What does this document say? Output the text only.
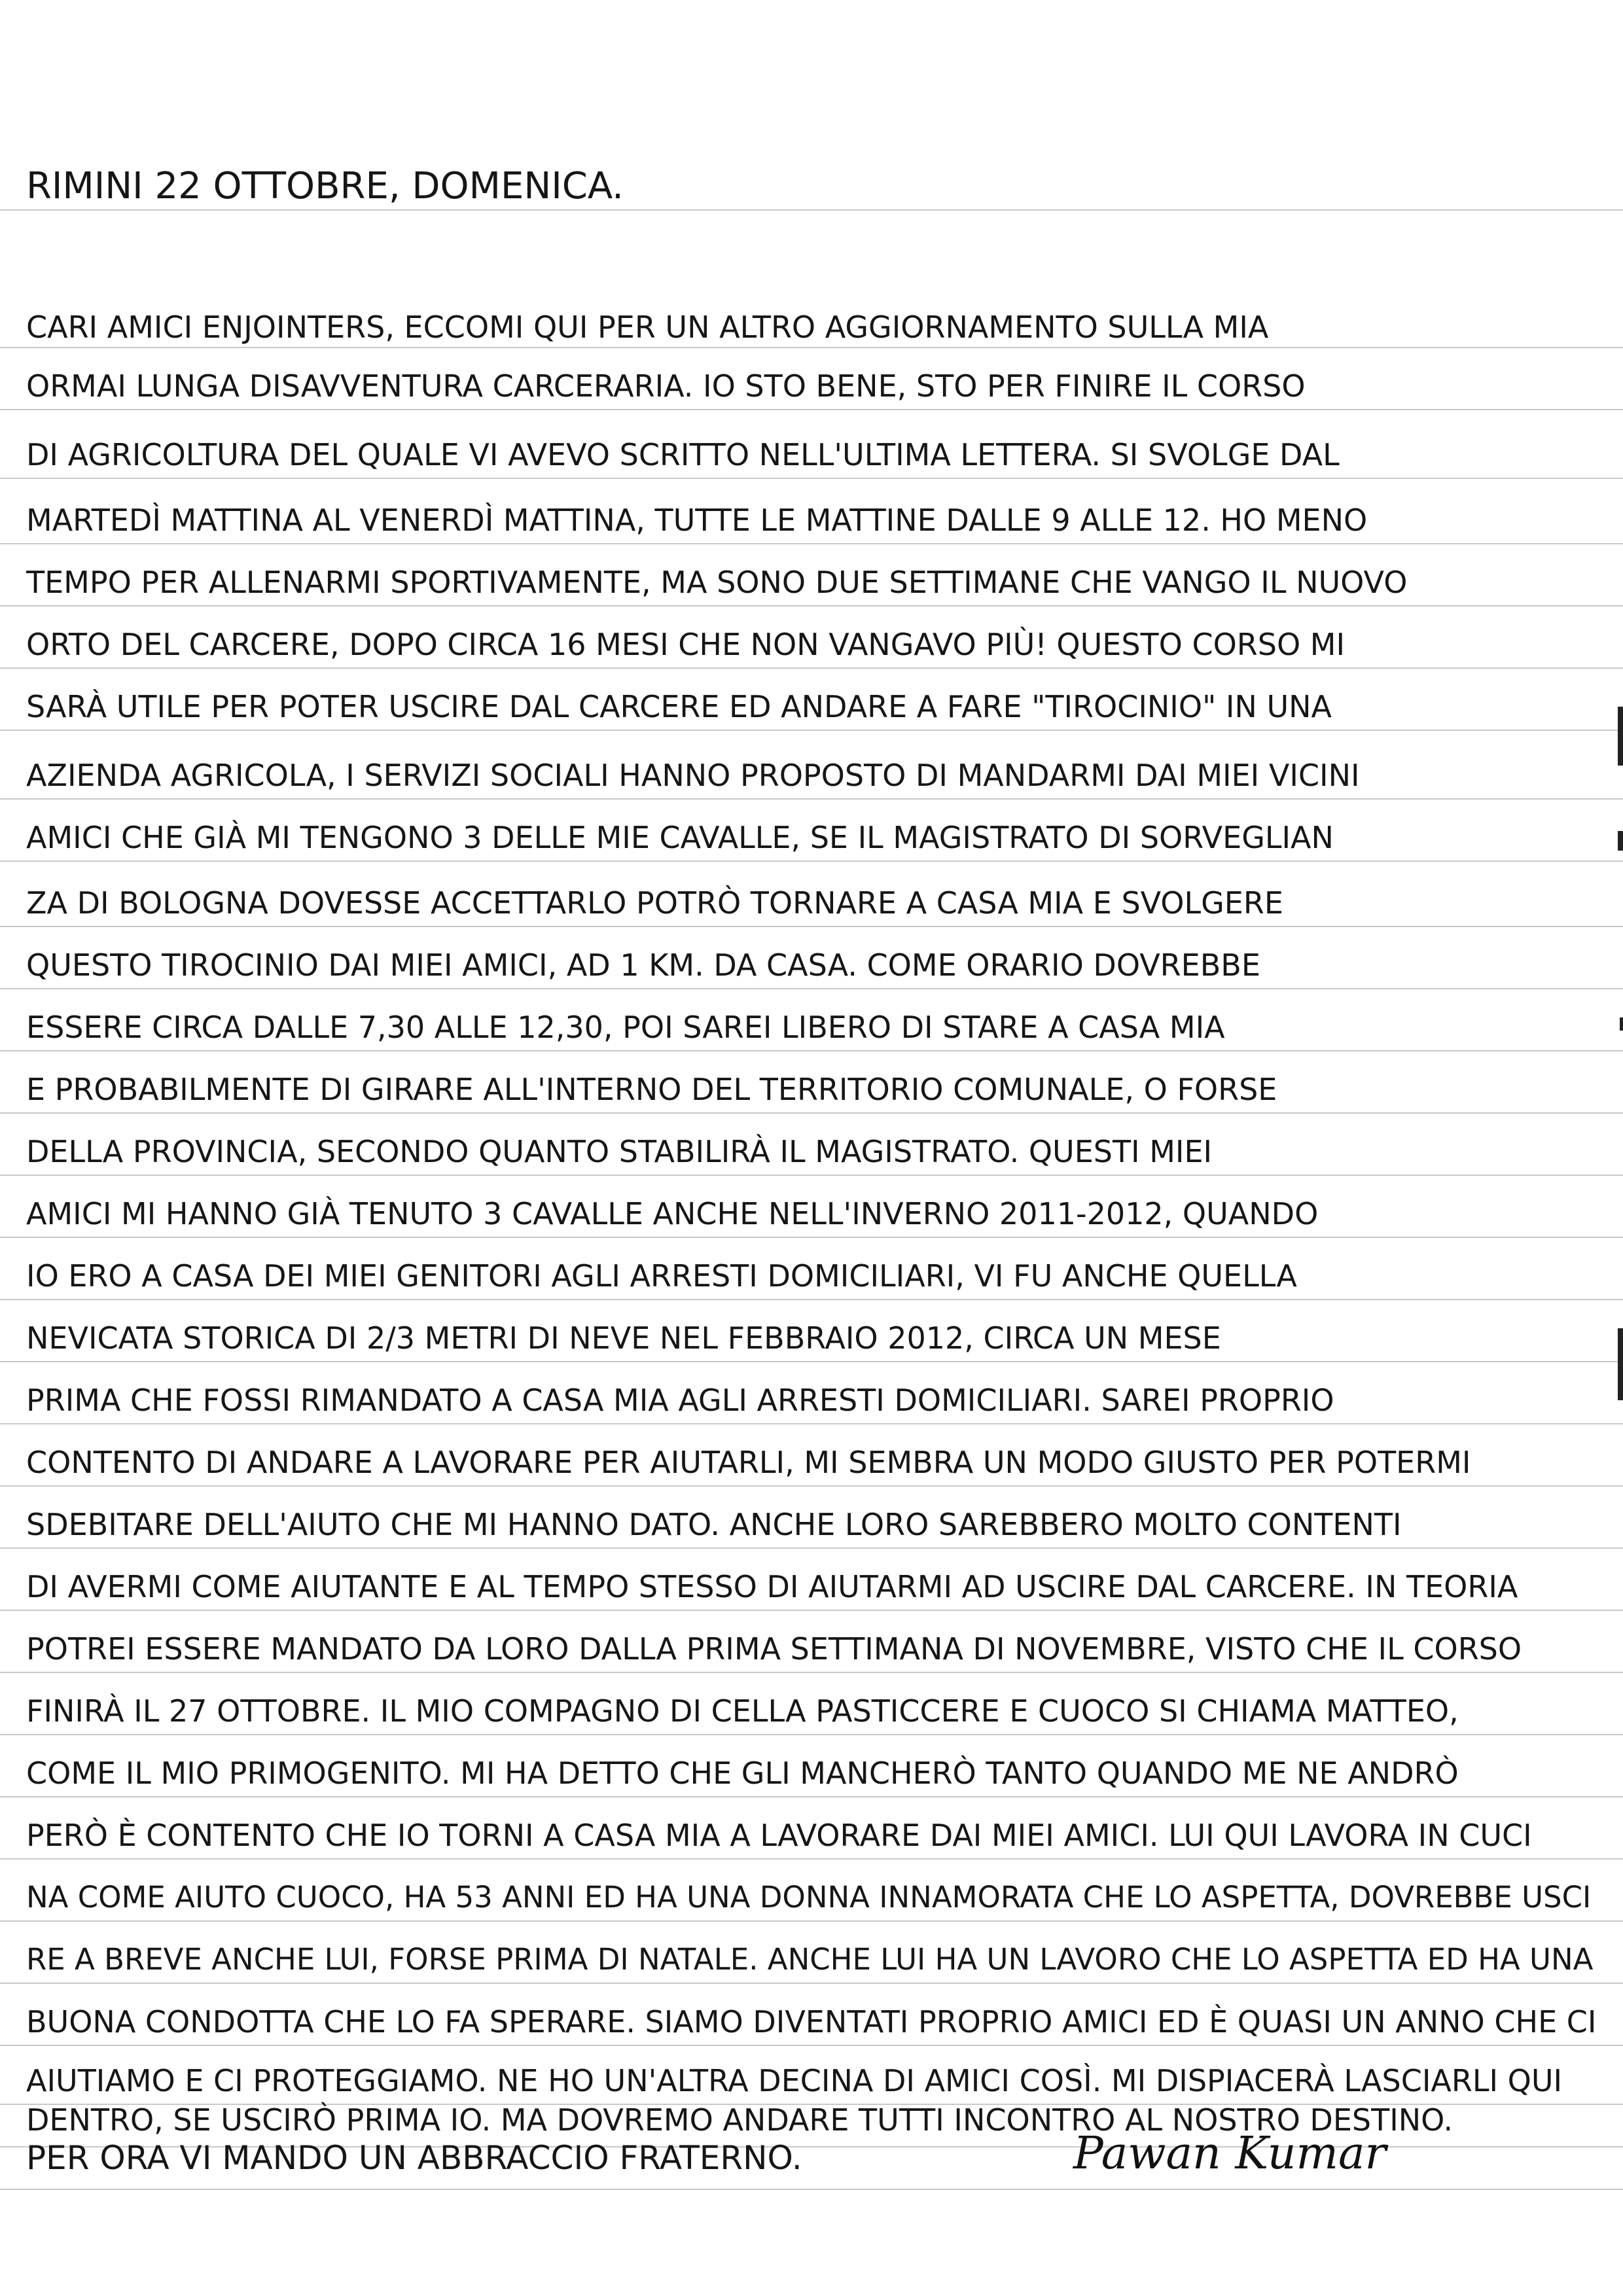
RIMINI 22 OTTOBRE, DOMENICA.
CARI AMICI ENJOINTERS, ECCOMI QUI PER UN ALTRO AGGIORNAMENTO SULLA MIA
ORMAI LUNGA DISAVVENTURA CARCERARIA. IO STO BENE, STO PER FINIRE IL CORSO
DI AGRICOLTURA DEL QUALE VI AVEVO SCRITTO NELL'ULTIMA LETTERA. SI SVOLGE DAL
MARTEDÌ MATTINA AL VENERDÌ MATTINA, TUTTE LE MATTINE DALLE 9 ALLE 12. HO MENO
TEMPO PER ALLENARMI SPORTIVAMENTE, MA SONO DUE SETTIMANE CHE VANGO IL NUOVO
ORTO DEL CARCERE, DOPO CIRCA 16 MESI CHE NON VANGAVO PIÙ! QUESTO CORSO MI
SARÀ UTILE PER POTER USCIRE DAL CARCERE ED ANDARE A FARE "TIROCINIO" IN UNA
AZIENDA AGRICOLA, I SERVIZI SOCIALI HANNO PROPOSTO DI MANDARMI DAI MIEI VICINI
AMICI CHE GIÀ MI TENGONO 3 DELLE MIE CAVALLE, SE IL MAGISTRATO DI SORVEGLIAN
ZA DI BOLOGNA DOVESSE ACCETTARLO POTRÒ TORNARE A CASA MIA E SVOLGERE
QUESTO TIROCINIO DAI MIEI AMICI, AD 1 KM. DA CASA. COME ORARIO DOVREBBE
ESSERE CIRCA DALLE 7,30 ALLE 12,30, POI SAREI LIBERO DI STARE A CASA MIA
E PROBABILMENTE DI GIRARE ALL'INTERNO DEL TERRITORIO COMUNALE, O FORSE
DELLA PROVINCIA, SECONDO QUANTO STABILIRÀ IL MAGISTRATO. QUESTI MIEI
AMICI MI HANNO GIÀ TENUTO 3 CAVALLE ANCHE NELL'INVERNO 2011-2012, QUANDO
IO ERO A CASA DEI MIEI GENITORI AGLI ARRESTI DOMICILIARI, VI FU ANCHE QUELLA
NEVICATA STORICA DI 2/3 METRI DI NEVE NEL FEBBRAIO 2012, CIRCA UN MESE
PRIMA CHE FOSSI RIMANDATO A CASA MIA AGLI ARRESTI DOMICILIARI. SAREI PROPRIO
CONTENTO DI ANDARE A LAVORARE PER AIUTARLI, MI SEMBRA UN MODO GIUSTO PER POTERMI
SDEBITARE DELL'AIUTO CHE MI HANNO DATO. ANCHE LORO SAREBBERO MOLTO CONTENTI
DI AVERMI COME AIUTANTE E AL TEMPO STESSO DI AIUTARMI AD USCIRE DAL CARCERE. IN TEORIA
POTREI ESSERE MANDATO DA LORO DALLA PRIMA SETTIMANA DI NOVEMBRE, VISTO CHE IL CORSO
FINIRÀ IL 27 OTTOBRE. IL MIO COMPAGNO DI CELLA PASTICCERE E CUOCO SI CHIAMA MATTEO,
COME IL MIO PRIMOGENITO. MI HA DETTO CHE GLI MANCHERÒ TANTO QUANDO ME NE ANDRÒ
PERÒ È CONTENTO CHE IO TORNI A CASA MIA A LAVORARE DAI MIEI AMICI. LUI QUI LAVORA IN CUCI
NA COME AIUTO CUOCO, HA 53 ANNI ED HA UNA DONNA INNAMORATA CHE LO ASPETTA, DOVREBBE USCI
RE A BREVE ANCHE LUI, FORSE PRIMA DI NATALE. ANCHE LUI HA UN LAVORO CHE LO ASPETTA ED HA UNA
BUONA CONDOTTA CHE LO FA SPERARE. SIAMO DIVENTATI PROPRIO AMICI ED È QUASI UN ANNO CHE CI
AIUTIAMO E CI PROTEGGIAMO. NE HO UN'ALTRA DECINA DI AMICI COSÌ. MI DISPIACERÀ LASCIARLI QUI
DENTRO, SE USCIRÒ PRIMA IO. MA DOVREMO ANDARE TUTTI INCONTRO AL NOSTRO DESTINO.
PER ORA VI MANDO UN ABBRACCIO FRATERNO.	Pawan Kumar
